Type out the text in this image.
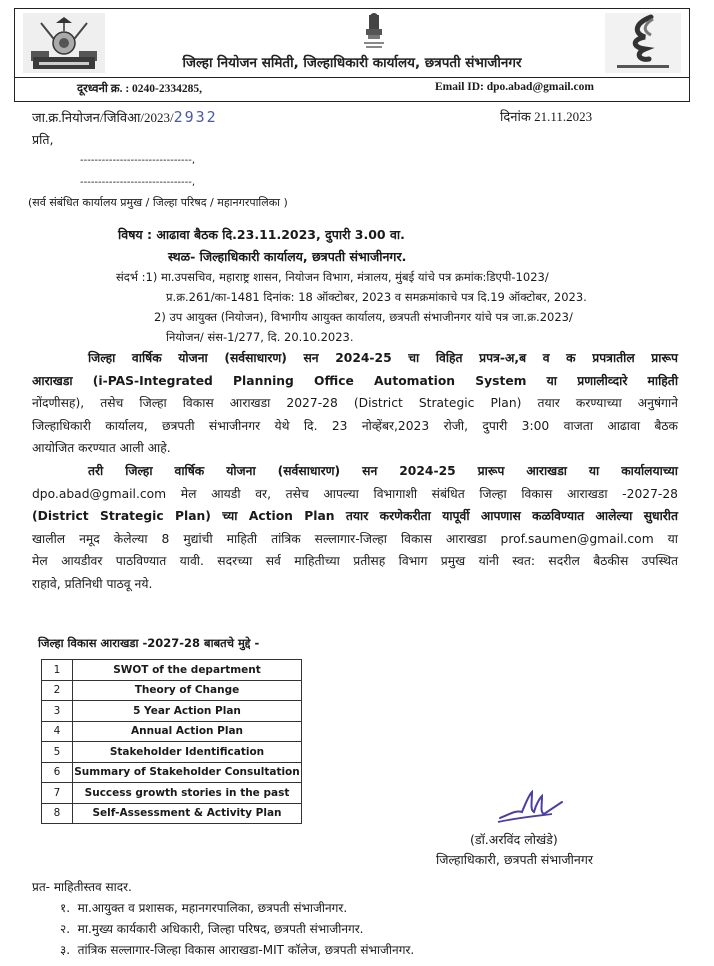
जिल्हा नियोजन समिती, जिल्हाधिकारी कार्यालय, छत्रपती संभाजीनगर
दूरध्वनी क्र. : 0240-2334285,	Email ID: dpo.abad@gmail.com
जा.क्र.नियोजन/जिविआ/2023/2932	दिनांक 21.11.2023
प्रति,
-------------------------------,
-------------------------------,
(सर्व संबंधित कार्यालय प्रमुख / जिल्हा परिषद / महानगरपालिका )
विषय : आढावा बैठक दि.23.11.2023, दुपारी 3.00 वा.
स्थळ- जिल्हाधिकारी कार्यालय, छत्रपती संभाजीनगर.
संदर्भ :1) मा.उपसचिव, महाराष्ट्र शासन, नियोजन विभाग, मंत्रालय, मुंबई यांचे पत्र क्रमांक:डिएपी-1023/
प्र.क्र.261/का-1481 दिनांक: 18 ऑक्टोबर, 2023 व समक्रमांकाचे पत्र दि.19 ऑक्टोबर, 2023.
2) उप आयुक्त (नियोजन), विभागीय आयुक्त कार्यालय, छत्रपती संभाजीनगर यांचे पत्र जा.क्र.2023/
नियोजन/ संस-1/277, दि. 20.10.2023.
जिल्हा वार्षिक योजना (सर्वसाधारण) सन 2024-25 चा विहित प्रपत्र-अ,ब व क प्रपत्रातील प्रारूप
आराखडा (i-PAS-Integrated Planning Office Automation System या प्रणालीव्दारे माहिती
नोंदणीसह), तसेच जिल्हा विकास आराखडा 2027-28 (District Strategic Plan) तयार करण्याच्या अनुषंगाने
जिल्हाधिकारी कार्यालय, छत्रपती संभाजीनगर येथे दि. 23 नोव्हेंबर,2023 रोजी, दुपारी 3:00 वाजता आढावा बैठक
आयोजित करण्यात आली आहे.
तरी जिल्हा वार्षिक योजना (सर्वसाधारण) सन 2024-25 प्रारूप आराखडा या कार्यालयाच्या
dpo.abad@gmail.com मेल आयडी वर, तसेच आपल्या विभागाशी संबंधित जिल्हा विकास आराखडा -2027-28
(District Strategic Plan) च्या Action Plan तयार करणेकरीता यापूर्वी आपणास कळविण्यात आलेल्या सुधारीत
खालील नमूद केलेल्या 8 मुद्यांची माहिती तांत्रिक सल्लागार-जिल्हा विकास आराखडा prof.saumen@gmail.com या
मेल आयडीवर पाठविण्यात यावी. सदरच्या सर्व माहितीच्या प्रतीसह विभाग प्रमुख यांनी स्वत: सदरील बैठकीस उपस्थित
राहावे, प्रतिनिधी पाठवू नये.
जिल्हा विकास आराखडा -2027-28 बाबतचे मुद्दे -
1	SWOT of the department
2	Theory of Change
3	5 Year Action Plan
4	Annual Action Plan
5	Stakeholder Identification
6	Summary of Stakeholder Consultation
7	Success growth stories in the past
8	Self-Assessment & Activity Plan
(डॉ.अरविंद लोखंडे)
जिल्हाधिकारी, छत्रपती संभाजीनगर
प्रत- माहितीस्तव सादर.
१.  मा.आयुक्त व प्रशासक, महानगरपालिका, छत्रपती संभाजीनगर.
२.  मा.मुख्य कार्यकारी अधिकारी, जिल्हा परिषद, छत्रपती संभाजीनगर.
३.  तांत्रिक सल्लागार-जिल्हा विकास आराखडा-MIT कॉलेज, छत्रपती संभाजीनगर.
